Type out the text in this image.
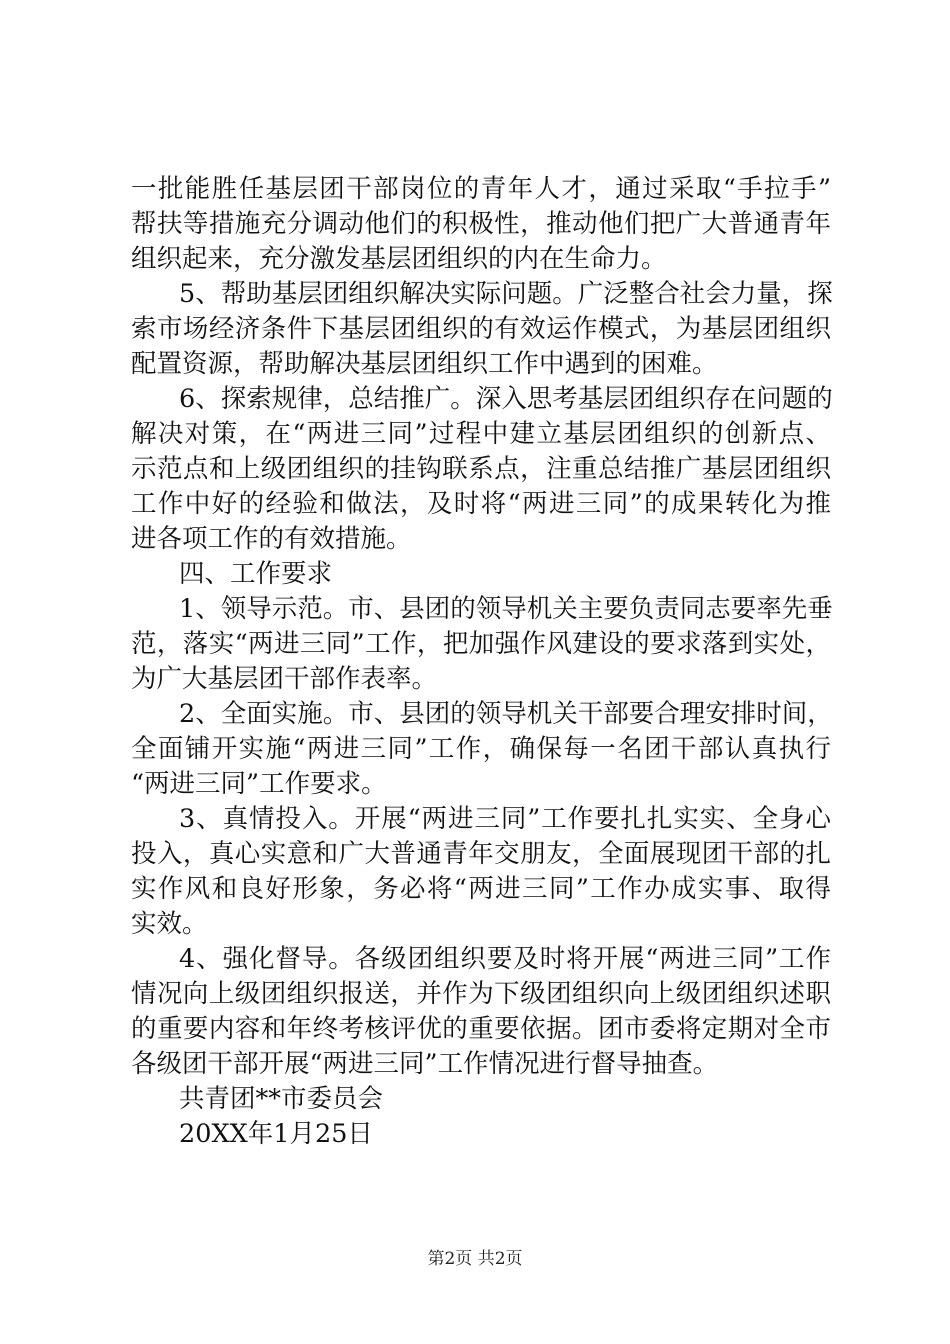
一批能胜任基层团干部岗位的青年人才，通过采取“手拉手”
帮扶等措施充分调动他们的积极性，推动他们把广大普通青年
组织起来，充分激发基层团组织的内在生命力。
5、帮助基层团组织解决实际问题。广泛整合社会力量，探
索市场经济条件下基层团组织的有效运作模式，为基层团组织
配置资源，帮助解决基层团组织工作中遇到的困难。
6、探索规律，总结推广。深入思考基层团组织存在问题的
解决对策，在“两进三同”过程中建立基层团组织的创新点、
示范点和上级团组织的挂钩联系点，注重总结推广基层团组织
工作中好的经验和做法，及时将“两进三同”的成果转化为推
进各项工作的有效措施。
四、工作要求
1、领导示范。市、县团的领导机关主要负责同志要率先垂
范，落实“两进三同”工作，把加强作风建设的要求落到实处，
为广大基层团干部作表率。
2、全面实施。市、县团的领导机关干部要合理安排时间，
全面铺开实施“两进三同”工作，确保每一名团干部认真执行
“两进三同”工作要求。
3、真情投入。开展“两进三同”工作要扎扎实实、全身心
投入，真心实意和广大普通青年交朋友，全面展现团干部的扎
实作风和良好形象，务必将“两进三同”工作办成实事、取得
实效。
4、强化督导。各级团组织要及时将开展“两进三同”工作
情况向上级团组织报送，并作为下级团组织向上级团组织述职
的重要内容和年终考核评优的重要依据。团市委将定期对全市
各级团干部开展“两进三同”工作情况进行督导抽查。
共青团**市委员会
20XX年1月25日
第2页 共2页
